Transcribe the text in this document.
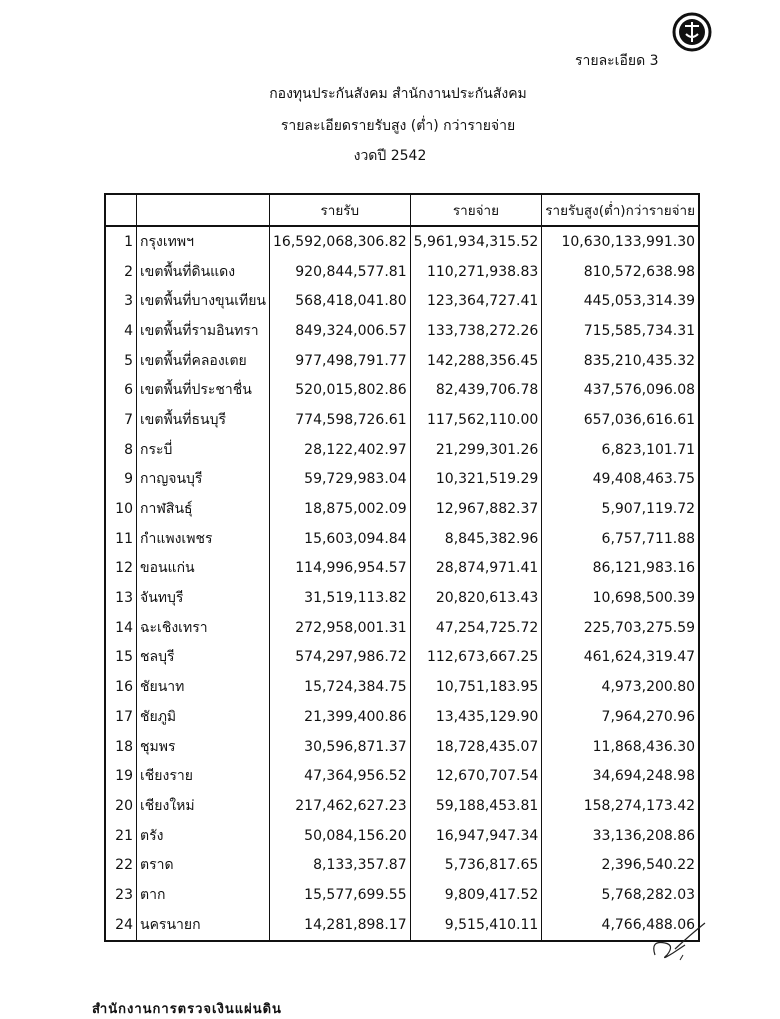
รายละเอียด 3
กองทุนประกันสังคม สำนักงานประกันสังคม
รายละเอียดรายรับสูง (ต่ำ) กว่ารายจ่าย
งวดปี 2542
		รายรับ	รายจ่าย	รายรับสูง(ต่ำ)กว่ารายจ่าย
1	กรุงเทพฯ	16,592,068,306.82	5,961,934,315.52	10,630,133,991.30
2	เขตพื้นที่ดินแดง	920,844,577.81	110,271,938.83	810,572,638.98
3	เขตพื้นที่บางขุนเทียน	568,418,041.80	123,364,727.41	445,053,314.39
4	เขตพื้นที่รามอินทรา	849,324,006.57	133,738,272.26	715,585,734.31
5	เขตพื้นที่คลองเตย	977,498,791.77	142,288,356.45	835,210,435.32
6	เขตพื้นที่ประชาชื่น	520,015,802.86	82,439,706.78	437,576,096.08
7	เขตพื้นที่ธนบุรี	774,598,726.61	117,562,110.00	657,036,616.61
8	กระบี่	28,122,402.97	21,299,301.26	6,823,101.71
9	กาญจนบุรี	59,729,983.04	10,321,519.29	49,408,463.75
10	กาฬสินธุ์	18,875,002.09	12,967,882.37	5,907,119.72
11	กำแพงเพชร	15,603,094.84	8,845,382.96	6,757,711.88
12	ขอนแก่น	114,996,954.57	28,874,971.41	86,121,983.16
13	จันทบุรี	31,519,113.82	20,820,613.43	10,698,500.39
14	ฉะเชิงเทรา	272,958,001.31	47,254,725.72	225,703,275.59
15	ชลบุรี	574,297,986.72	112,673,667.25	461,624,319.47
16	ชัยนาท	15,724,384.75	10,751,183.95	4,973,200.80
17	ชัยภูมิ	21,399,400.86	13,435,129.90	7,964,270.96
18	ชุมพร	30,596,871.37	18,728,435.07	11,868,436.30
19	เชียงราย	47,364,956.52	12,670,707.54	34,694,248.98
20	เชียงใหม่	217,462,627.23	59,188,453.81	158,274,173.42
21	ตรัง	50,084,156.20	16,947,947.34	33,136,208.86
22	ตราด	8,133,357.87	5,736,817.65	2,396,540.22
23	ตาก	15,577,699.55	9,809,417.52	5,768,282.03
24	นครนายก	14,281,898.17	9,515,410.11	4,766,488.06
สำนักงานการตรวจเงินแผ่นดิน
